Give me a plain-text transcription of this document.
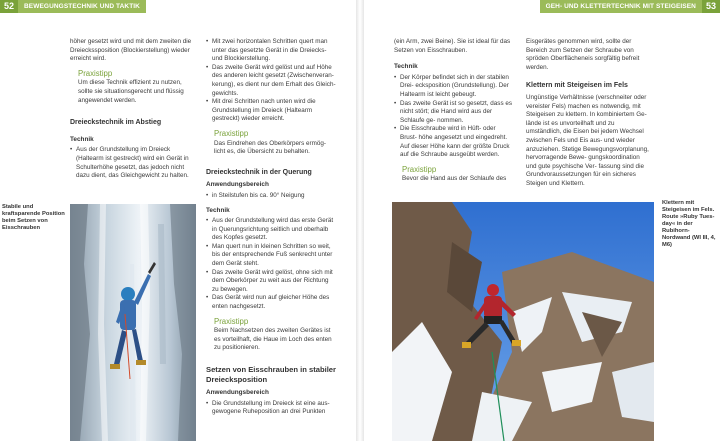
52	BEWEGUNGSTECHNIK UND TAKTIK

höher gesetzt wird und mit dem zweiten die Dreieckssposition (Blockierstellung) wieder erreicht wird.

Praxistipp
Um diese Technik effizient zu nutzen, sollte sie situationsgerecht und flüssig angewendet werden.
Dreieckstechnik im Abstieg
Technik
• Aus der Grundstellung im Dreieck (Haltearm ist gestreckt) wird ein Gerät in Schulterhöhe gesetzt, das jedoch nicht dazu dient, das Gleichgewicht zu halten.
• Mit zwei horizontalen Schritten quert man unter das gesetzte Gerät in die Dreiecks- und Blockierstellung.
• Das zweite Gerät wird gelöst und auf Höhe des anderen leicht gesetzt (Zwischenveran- kerung), es dient nur dem Erhalt des Gleich- gewichts.
• Mit drei Schritten nach unten wird die Grundstellung im Dreieck (Haltearm gestreckt) wieder erreicht.
Praxistipp
Das Eindrehen des Oberkörpers ermög- licht es, die Übersicht zu behalten.
Dreieckstechnik in der Querung
Anwendungsbereich
• in Steilstufen bis ca. 90° Neigung
Technik
• Aus der Grundstellung wird das erste Gerät in Querungsrichtung seitlich und oberhalb des Kopfes gesetzt.
• Man quert nun in kleinen Schritten so weit, bis der entsprechende Fuß senkrecht unter dem Gerät steht.
• Das zweite Gerät wird gelöst, ohne sich mit dem Oberkörper zu weit aus der Richtung zu bewegen.
• Das Gerät wird nun auf gleicher Höhe des enten nachgesetzt.
Praxistipp
Beim Nachsetzen des zweiten Gerätes ist es vorteilhaft, die Haue im Loch des enten zu positionieren.
Setzen von Eisschrauben in stabiler Dreiecksposition
Anwendungsbereich
• Die Grundstellung im Dreieck ist eine aus- gewogene Ruheposition an drei Punkten
Stabile und kraftsparende Position beim Setzen von Eisschrauben
GEH- UND KLETTERTECHNIK MIT STEIGEISEN	53

(ein Arm, zwei Beine). Sie ist ideal für das Setzen von Eisschrauben.

Technik
• Der Körper befindet sich in der stabilen Drei- ecksposition (Grundstellung). Der Haltearm ist leicht gebeugt.
• Das zweite Gerät ist so gesetzt, dass es nicht stört; die Hand wird aus der Schlaufe ge- nommen.
• Die Eisschraube wird in Hüft- oder Brust- höhe angesetzt und eingedreht. Auf dieser Höhe kann der größte Druck auf die Schraube ausgeübt werden.
Praxistipp
Bevor die Hand aus der Schlaufe des

Eisgerätes genommen wird, sollte der Bereich zum Setzen der Schraube von spröden Oberflächeneis sorgfältig befreit werden.

Klettern mit Steigeisen im Fels

Ungünstige Verhältnisse (verschneiter oder vereister Fels) machen es notwendig, mit Steigeisen zu klettern. In kombiniertem Ge- lände ist es unvorteilhaft und zu umständlich, die Eisen bei jedem Wechsel zwischen Fels und Eis aus- und wieder anzuziehen. Stetige Bewegungsvorplanung, hervorragende Bewe- gungskoordination und gute psychische Ver- fassung sind die Grundvoraussetzungen für ein sicheres Steigen und Klettern.

Klettern mit Steigeisen im Fels. Route »Ruby Tues- day« in der Rubihorn- Nordwand (WI III, 4, M6)
